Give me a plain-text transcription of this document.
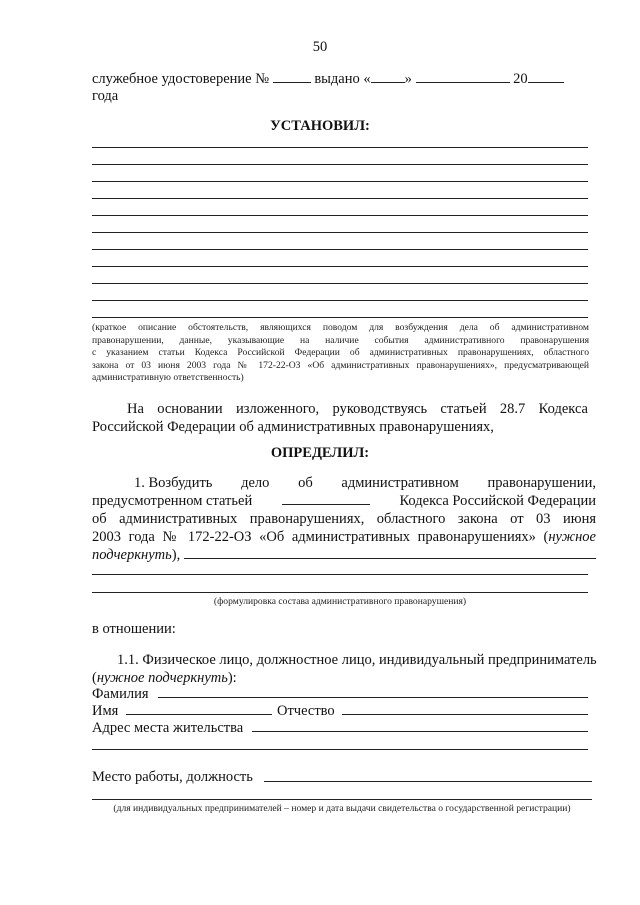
50
служебное удостоверение №	выдано « »	20
года
УСТАНОВИЛ:
(краткое описание обстоятельств, являющихся поводом для возбуждения дела об административном
правонарушении, данные, указывающие на наличие события административного правонарушения
с указанием статьи Кодекса Российской Федерации об административных правонарушениях, областного
закона от 03 июня 2003 года № 172-22-ОЗ «Об административных правонарушениях», предусматривающей
административную ответственность)
На основании изложенного, руководствуясь статьей 28.7 Кодекса
Российской Федерации об административных правонарушениях,
ОПРЕДЕЛИЛ:
1. Возбудить дело об административном правонарушении,
предусмотренном статьей	Кодекса Российской Федерации
об административных правонарушениях, областного закона от 03 июня
2003 года № 172-22-ОЗ «Об административных правонарушениях» (нужное
подчеркнуть ),
(формулировка состава административного правонарушения)
в отношении:
1.1. Физическое лицо, должностное лицо, индивидуальный предприниматель
(нужное подчеркнуть):
Фамилия
Имя	Отчество
Адрес места жительства
Место работы, должность
(для индивидуальных предпринимателей – номер и дата выдачи свидетельства о государственной регистрации)
